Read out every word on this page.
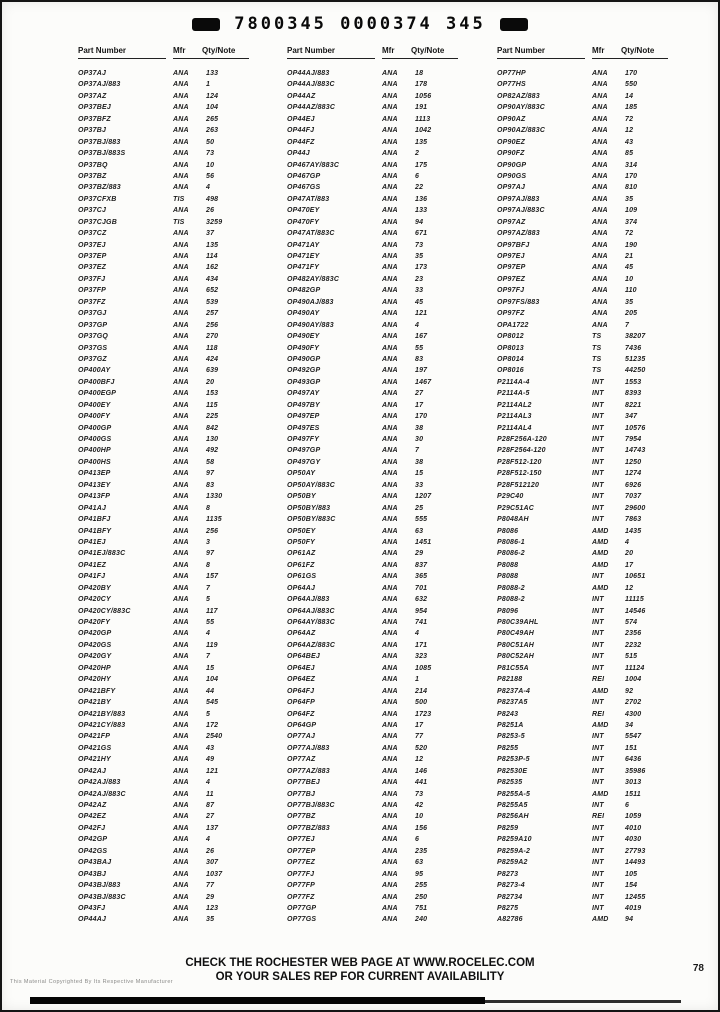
7800345 0000374 345
Part Number	Mfr Qty/Note
OP37AJ	ANA 133
OP37AJ/883	ANA 1
OP37AZ	ANA 124
OP37BEJ	ANA 104
OP37BFZ	ANA 265
OP37BJ	ANA 263
OP37BJ/883	ANA 50
OP37BJ/883S	ANA 73
OP37BQ	ANA 10
OP37BZ	ANA 56
OP37BZ/883	ANA 4
OP37CFXB	TIS	498
OP37CJ	ANA 26
OP37CJGB	TIS	3259
OP37CZ	ANA 37
OP37EJ	ANA 135
OP37EP	ANA 114
OP37EZ	ANA 162
OP37FJ	ANA 434
OP37FP	ANA 652
OP37FZ	ANA 539
OP37GJ	ANA 257
OP37GP	ANA 256
OP37GQ	ANA 270
OP37GS	ANA 118
OP37GZ	ANA 424
OP400AY	ANA 639
OP400BFJ	ANA 20
OP400EGP	ANA 153
OP400EY	ANA 115
OP400FY	ANA 225
OP400GP	ANA 842
OP400GS	ANA 130
OP400HP	ANA 492
OP400HS	ANA 58
OP413EP	ANA 97
OP413EY	ANA 83
OP413FP	ANA 1330
OP41AJ	ANA 8
OP41BFJ	ANA 1135
OP41BFY	ANA 256
OP41EJ	ANA 3
OP41EJ/883C	ANA 97
OP41EZ	ANA 8
OP41FJ	ANA 157
OP420BY	ANA 7
OP420CY	ANA 5
OP420CY/883C	ANA 117
OP420FY	ANA 55
OP420GP	ANA 4
OP420GS	ANA 119
OP420GY	ANA 7
OP420HP	ANA 15
OP420HY	ANA 104
OP421BFY	ANA 44
OP421BY	ANA 545
OP421BY/883	ANA 5
OP421CY/883	ANA 172
OP421FP	ANA 2540
OP421GS	ANA 43
OP421HY	ANA 49
OP42AJ	ANA 121
OP42AJ/883	ANA 4
OP42AJ/883C	ANA 11
OP42AZ	ANA 87
OP42EZ	ANA 27
OP42FJ	ANA 137
OP42GP	ANA 4
OP42GS	ANA 26
OP43BAJ	ANA 307
OP43BJ	ANA 1037
OP43BJ/883	ANA 77
OP43BJ/883C	ANA 29
OP43FJ	ANA 123
OP44AJ	ANA 35
Part Number	Mfr Qty/Note
OP44AJ/883	ANA 18
OP44AJ/883C	ANA 178
OP44AZ	ANA 1056
OP44AZ/883C	ANA 191
OP44EJ	ANA 1113
OP44FJ	ANA 1042
OP44FZ	ANA 135
OP44J	ANA 2
OP467AY/883C	ANA 175
OP467GP	ANA 6
OP467GS	ANA 22
OP47AT/883	ANA 136
OP470EY	ANA 133
OP470FY	ANA 94
OP47AT/883C	ANA 671
OP471AY	ANA 73
OP471EY	ANA 35
OP471FY	ANA 173
OP482AY/883C	ANA 23
OP482GP	ANA 33
OP490AJ/883	ANA 45
OP490AY	ANA 121
OP490AY/883	ANA 4
OP490EY	ANA 167
OP490FY	ANA 55
OP490GP	ANA 83
OP492GP	ANA 197
OP493GP	ANA 1467
OP497AY	ANA 27
OP497BY	ANA 17
OP497EP	ANA 170
OP497ES	ANA 38
OP497FY	ANA 30
OP497GP	ANA 7
OP497GY	ANA 38
OP50AY	ANA 15
OP50AY/883C	ANA 33
OP50BY	ANA 1207
OP50BY/883	ANA 25
OP50BY/883C	ANA 555
OP50EY	ANA 63
OP50FY	ANA 1451
OP61AZ	ANA 29
OP61FZ	ANA 837
OP61GS	ANA 365
OP64AJ	ANA 701
OP64AJ/883	ANA 632
OP64AJ/883C	ANA 954
OP64AY/883C	ANA 741
OP64AZ	ANA 4
OP64AZ/883C	ANA 171
OP64BEJ	ANA 323
OP64EJ	ANA 1085
OP64EZ	ANA 1
OP64FJ	ANA 214
OP64FP	ANA 500
OP64FZ	ANA 1723
OP64GP	ANA 17
OP77AJ	ANA 77
OP77AJ/883	ANA 520
OP77AZ	ANA 12
OP77AZ/883	ANA 146
OP77BEJ	ANA 441
OP77BJ	ANA 73
OP77BJ/883C	ANA 42
OP77BZ	ANA 10
OP77BZ/883	ANA 156
OP77EJ	ANA 6
OP77EP	ANA 235
OP77EZ	ANA 63
OP77FJ	ANA 95
OP77FP	ANA 255
OP77FZ	ANA 250
OP77GP	ANA 751
OP77GS	ANA 240
Part Number	Mfr Qty/Note
OP77HP	ANA 170
OP77HS	ANA 550
OP82AZ/883	ANA 14
OP90AY/883C	ANA 185
OP90AZ	ANA 72
OP90AZ/883C	ANA 12
OP90EZ	ANA 43
OP90FZ	ANA 85
OP90GP	ANA 314
OP90GS	ANA 170
OP97AJ	ANA 810
OP97AJ/883	ANA 35
OP97AJ/883C	ANA 109
OP97AZ	ANA 374
OP97AZ/883	ANA 72
OP97BFJ	ANA 190
OP97EJ	ANA 21
OP97EP	ANA 45
OP97EZ	ANA 10
OP97FJ	ANA 110
OP97FS/883	ANA 35
OP97FZ	ANA 205
OPA1722	ANA 7
OP8012	TS	38207
OP8013	TS	7436
OP8014	TS	51235
OP8016	TS	44250
P2114A-4	INT	1553
P2114A-5	INT	8393
P2114AL2	INT	8221
P2114AL3	INT	347
P2114AL4	INT	10576
P28F256A-120	INT	7954
P28F2564-120	INT	14743
P28F512-120	INT	1250
P28F512-150	INT	1274
P28F512120	INT	6926
P29C40	INT	7037
P29C51AC	INT	29600
P8048AH	INT	7863
P8086	AMD 1435
P8086-1	AMD 4
P8086-2	AMD 20
P8088	AMD 17
P8088	INT	10651
P8088-2	AMD 12
P8088-2	INT	11115
P8096	INT	14546
P80C39AHL	INT	574
P80C49AH	INT	2356
P80C51AH	INT	2232
P80C52AH	INT	515
P81C55A	INT	11124
P82188	REI	1004
P8237A-4	AMD 92
P8237A5	INT	2702
P8243	REI	4300
P8251A	AMD 34
P8253-5	INT	5547
P8255	INT	151
P8253P-5	INT	6436
P82530E	INT	35986
P82535	INT	3013
P8255A-5	AMD 1511
P8255A5	INT	6
P8256AH	REI	1059
P8259	INT	4010
P8259A10	INT	4030
P8259A-2	INT	27793
P8259A2	INT	14493
P8273	INT	105
P8273-4	INT	154
P82734	INT	12455
P8275	INT	4019
A82786	AMD 94
CHECK THE ROCHESTER WEB PAGE AT WWW.ROCELEC.COM
OR YOUR SALES REP FOR CURRENT AVAILABILITY
This Material Copyrighted By Its Respective Manufacturer
78
